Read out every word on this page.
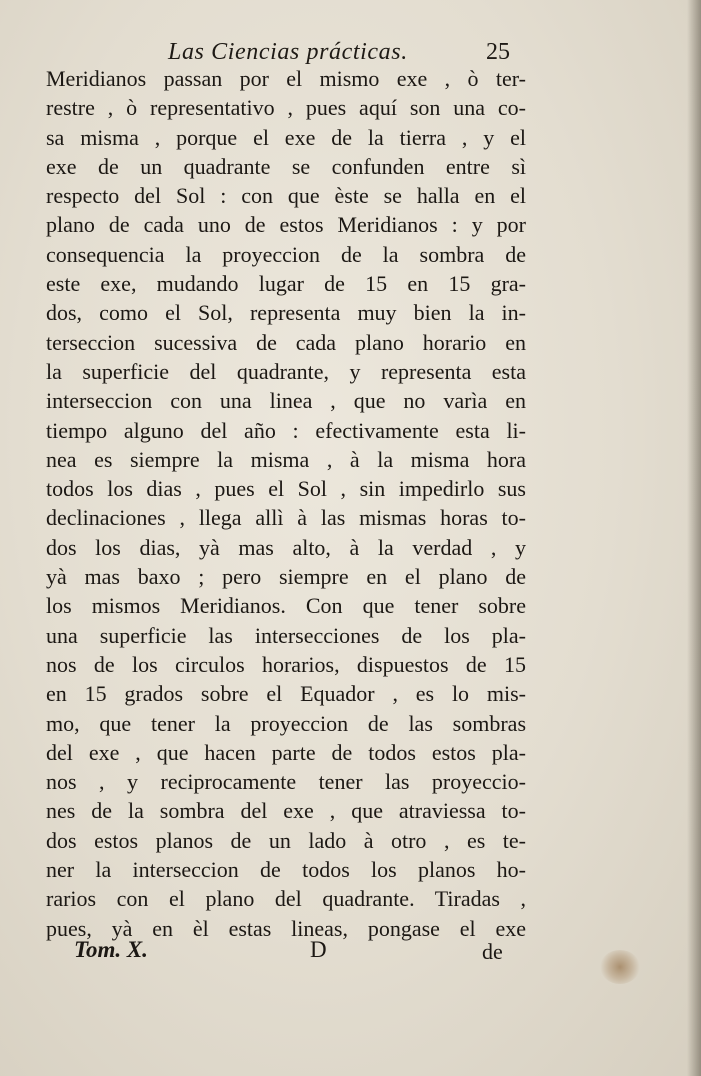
Las Ciencias prácticas.	25
Meridianos passan por el mismo exe , ò ter-
restre , ò representativo , pues aquí son una co-
sa misma , porque el exe de la tierra , y el
exe de un quadrante se confunden entre sì
respecto del Sol : con que èste se halla en el
plano de cada uno de estos Meridianos : y por
consequencia la proyeccion de la sombra de
este exe, mudando lugar de 15 en 15 gra-
dos, como el Sol, representa muy bien la in-
terseccion sucessiva de cada plano horario en
la superficie del quadrante, y representa esta
interseccion con una linea , que no varìa en
tiempo alguno del año : efectivamente esta li-
nea es siempre la misma , à la misma hora
todos los dias , pues el Sol , sin impedirlo sus
declinaciones , llega allì à las mismas horas to-
dos los dias, yà mas alto, à la verdad , y
yà mas baxo ; pero siempre en el plano de
los mismos Meridianos. Con que tener sobre
una superficie las intersecciones de los pla-
nos de los circulos horarios, dispuestos de 15
en 15 grados sobre el Equador , es lo mis-
mo, que tener la proyeccion de las sombras
del exe , que hacen parte de todos estos pla-
nos , y reciprocamente tener las proyeccio-
nes de la sombra del exe , que atraviessa to-
dos estos planos de un lado à otro , es te-
ner la interseccion de todos los planos ho-
rarios con el plano del quadrante. Tiradas ,
pues, yà en èl estas lineas, pongase el exe
Tom. X.	D	de
